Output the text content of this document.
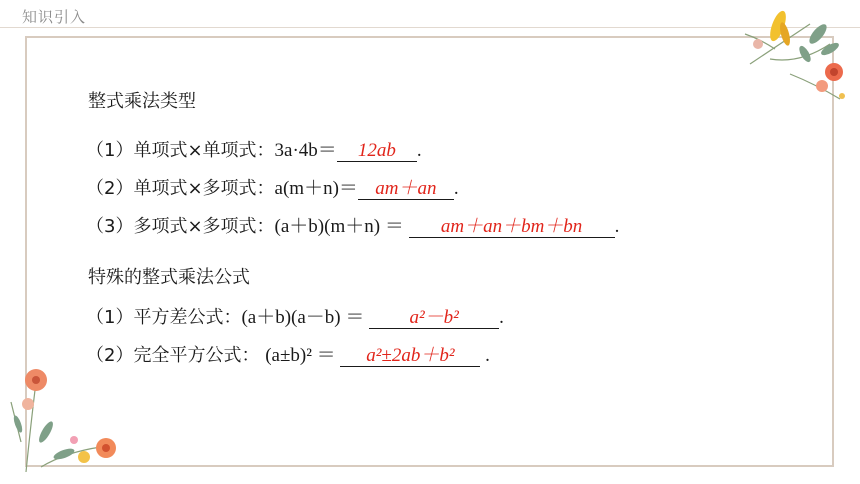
知识引入
整式乘法类型
（1）单项式×单项式：3a·4b＝ 12ab .
（2）单项式×多项式：a(m＋n)＝ am＋an .
（3）多项式×多项式：(a＋b)(m＋n) ＝ am＋an＋bm＋bn .
特殊的整式乘法公式
（1）平方差公式：(a＋b)(a－b) ＝ a²－b² .
（2）完全平方公式： (a±b)² ＝ a²±2ab＋b² .
